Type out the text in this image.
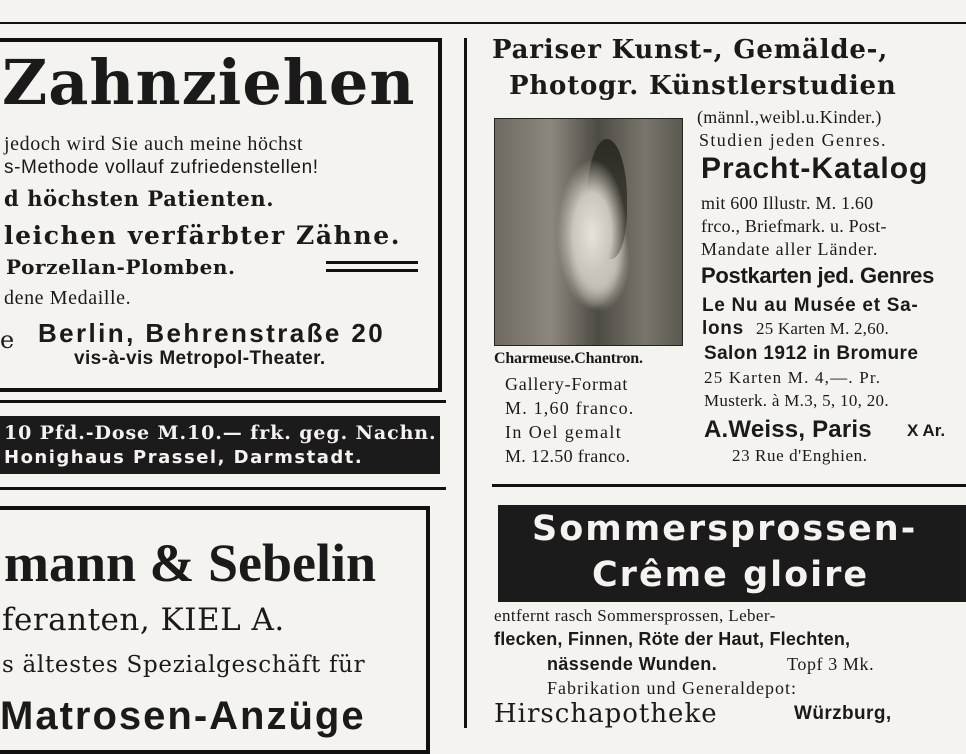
Zahnziehen
jedoch wird Sie auch meine höchst
s-Methode vollauf zufriedenstellen!
d höchsten Patienten.
leichen verfärbter Zähne.
Porzellan-Plomben.
dene Medaille.
e Berlin, Behrenstraße 20
vis-à-vis Metropol-Theater.
10 Pfd.-Dose M.10.— frk. geg. Nachn.
Honighaus Prassel, Darmstadt.
mann & Sebelin
feranten, KIEL A.
s ältestes Spezialgeschäft für
Matrosen-Anzüge
Pariser Kunst-, Gemälde-,
Photogr. Künstlerstudien
(männl.,weibl.u.Kinder.)
Studien jeden Genres.
Pracht-Katalog
mit 600 Illustr. M. 1.60
frco., Briefmark. u. Post-
Mandate aller Länder.
Postkarten jed. Genres
Le Nu au Musée et Sa-
lons 25 Karten M. 2,60.
Salon 1912 in Bromure
25 Karten M. 4,—. Pr.
Musterk. à M.3, 5, 10, 20.
A.Weiss, Paris X Ar.
23 Rue d'Enghien.
Charmeuse.Chantron.
Gallery-Format
M. 1,60 franco.
In Oel gemalt
M. 12.50 franco.
Sommersprossen-
Crême gloire
entfernt rasch Sommersprossen, Leber-
flecken, Finnen, Röte der Haut, Flechten,
nässende Wunden.	Topf 3 Mk.
Fabrikation und Generaldepot:
Hirschapotheke	Würzburg,
